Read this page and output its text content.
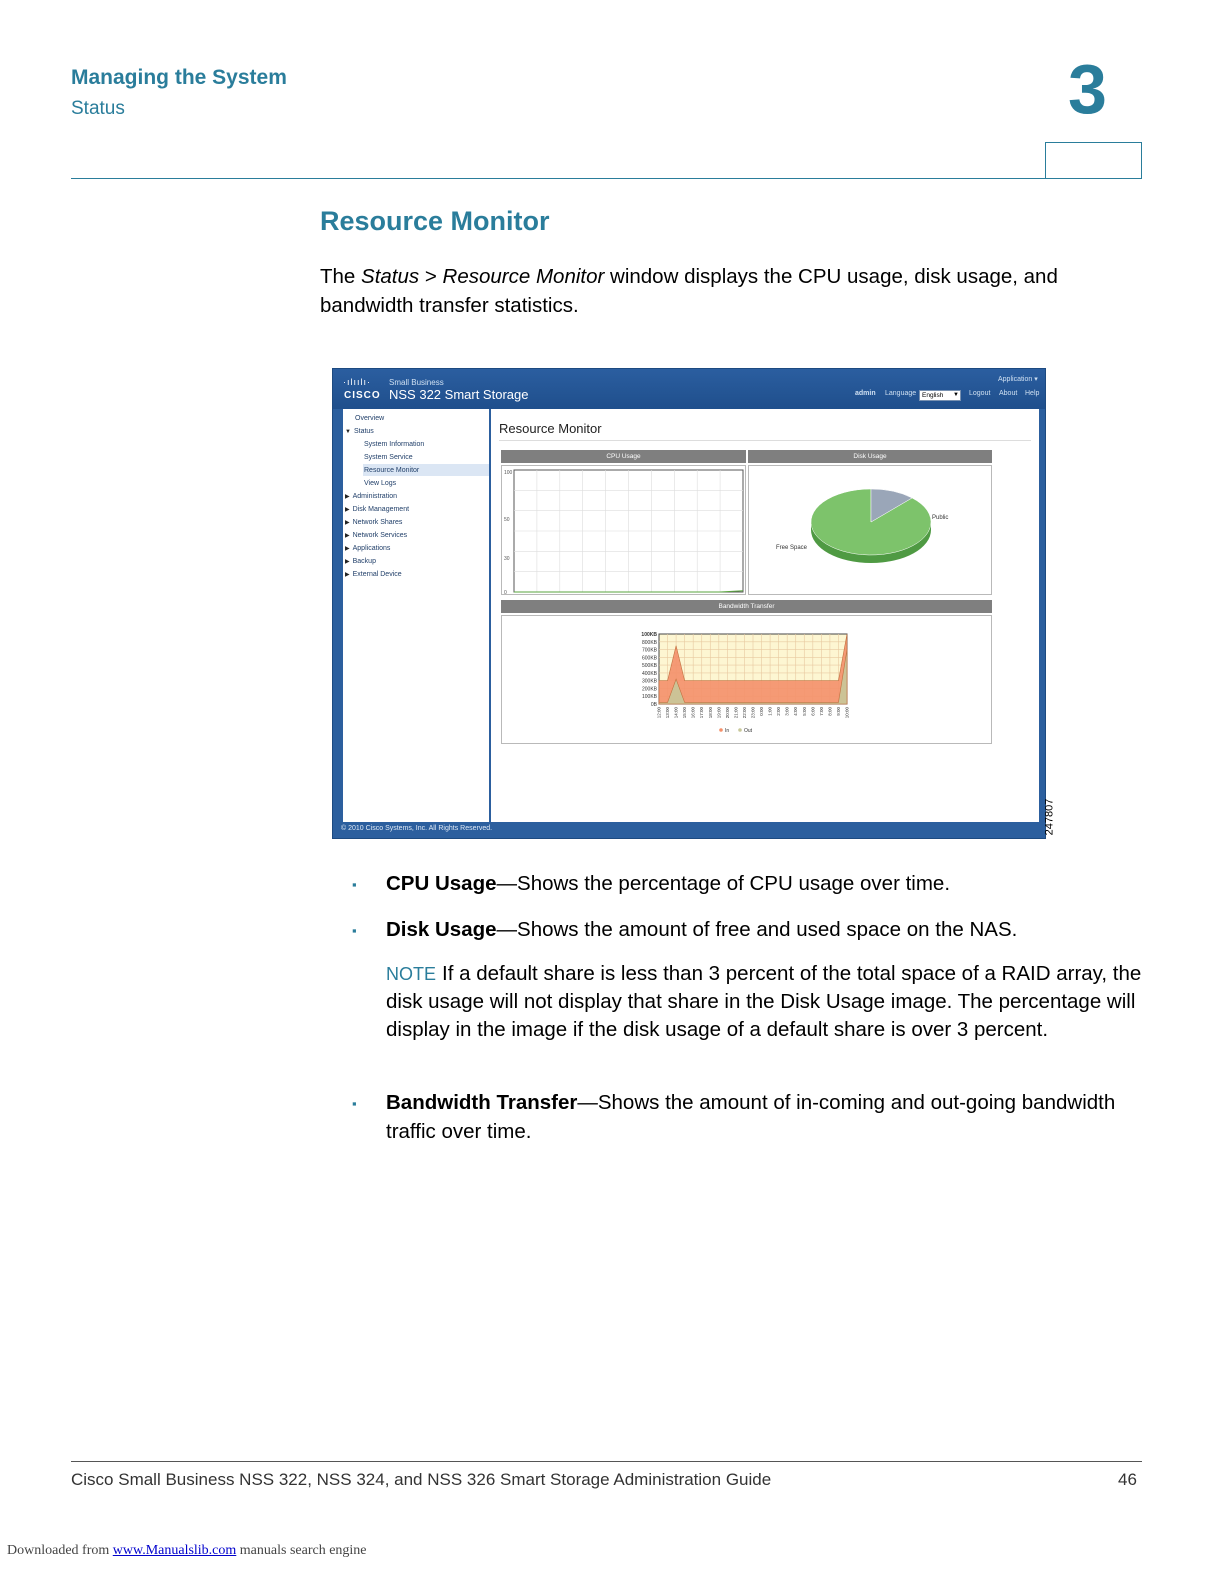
Managing the System
Status	3
Resource Monitor
The Status > Resource Monitor window displays the CPU usage, disk usage, and bandwidth transfer statistics.
·ılıılı·
CISCO
Small Business
NSS 322 Smart Storage
Application ▾
admin Language English ▼ Logout About Help
Overview
▼ Status
System Information
System Service
Resource Monitor
View Logs
▶ Administration
▶ Disk Management
▶ Network Shares
▶ Network Services
▶ Applications
▶ Backup
▶ External Device
Resource Monitor
CPU Usage
100
50
30
0
Disk Usage
Public
Free Space
Bandwidth Transfer
100KB
800KB
700KB
600KB
500KB
400KB
300KB
200KB
100KB
0B
12:00 13:00 14:00 15:00 16:00 17:00 18:00 19:00 20:00 21:00 22:00 23:00 0:00 1:00 2:00 3:00 4:00 5:00 6:00 7:00 8:00 9:00 10:00
In	Out
© 2010 Cisco Systems, Inc. All Rights Reserved.	247807
▪ CPU Usage—Shows the percentage of CPU usage over time.
▪ Disk Usage—Shows the amount of free and used space on the NAS.
NOTE If a default share is less than 3 percent of the total space of a RAID array, the disk usage will not display that share in the Disk Usage image. The percentage will display in the image if the disk usage of a default share is over 3 percent.
▪ Bandwidth Transfer—Shows the amount of in-coming and out-going bandwidth traffic over time.
Cisco Small Business NSS 322, NSS 324, and NSS 326 Smart Storage Administration Guide	46
Downloaded from www.Manualslib.com manuals search engine
